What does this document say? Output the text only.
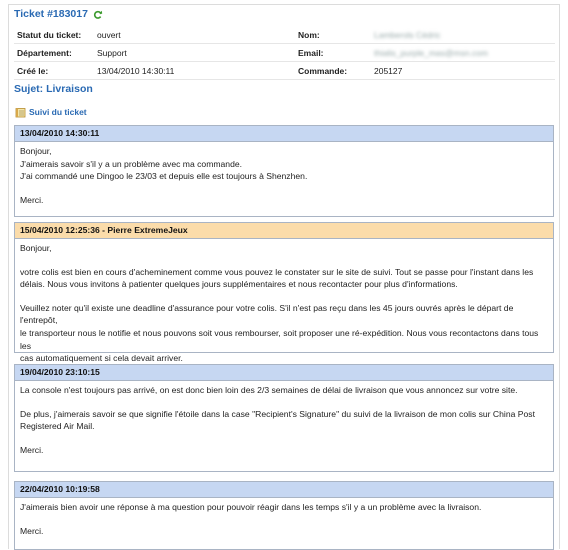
Ticket #183017
Statut du ticket:	ouvert	Nom:	Lamberols Cédric
Département:	Support	Email:	thialis_purple_mas@msn.com
Créé le:	13/04/2010 14:30:11	Commande:	205127
Sujet: Livraison
Suivi du ticket
13/04/2010 14:30:11

Bonjour,

J'aimerais savoir s'il y a un problème avec ma commande.

J'ai commandé une Dingoo le 23/03 et depuis elle est toujours à Shenzhen.

Merci.

15/04/2010 12:25:36 - Pierre ExtremeJeux

Bonjour,

votre colis est bien en cours d'acheminement comme vous pouvez le constater sur le site de suivi. Tout se passe pour l'instant dans les

délais. Nous vous invitons à patienter quelques jours supplémentaires et nous recontacter pour plus d'informations.

Veuillez noter qu'il existe une deadline d'assurance pour votre colis. S'il n'est pas reçu dans les 45 jours ouvrés après le départ de l'entrepôt,

le transporteur nous le notifie et nous pouvons soit vous rembourser, soit proposer une ré-expédition. Nous vous recontactons dans tous les

cas automatiquement si cela devait arriver.

19/04/2010 23:10:15

La console n'est toujours pas arrivé, on est donc bien loin des 2/3 semaines de délai de livraison que vous annoncez sur votre site.

De plus, j'aimerais savoir se que signifie l'étoile dans la case "Recipient's Signature" du suivi de la livraison de mon colis sur China Post

Registered Air Mail.

Merci.

22/04/2010 10:19:58

J'aimerais bien avoir une réponse à ma question pour pouvoir réagir dans les temps s'il y a un problème avec la livraison.

Merci.
